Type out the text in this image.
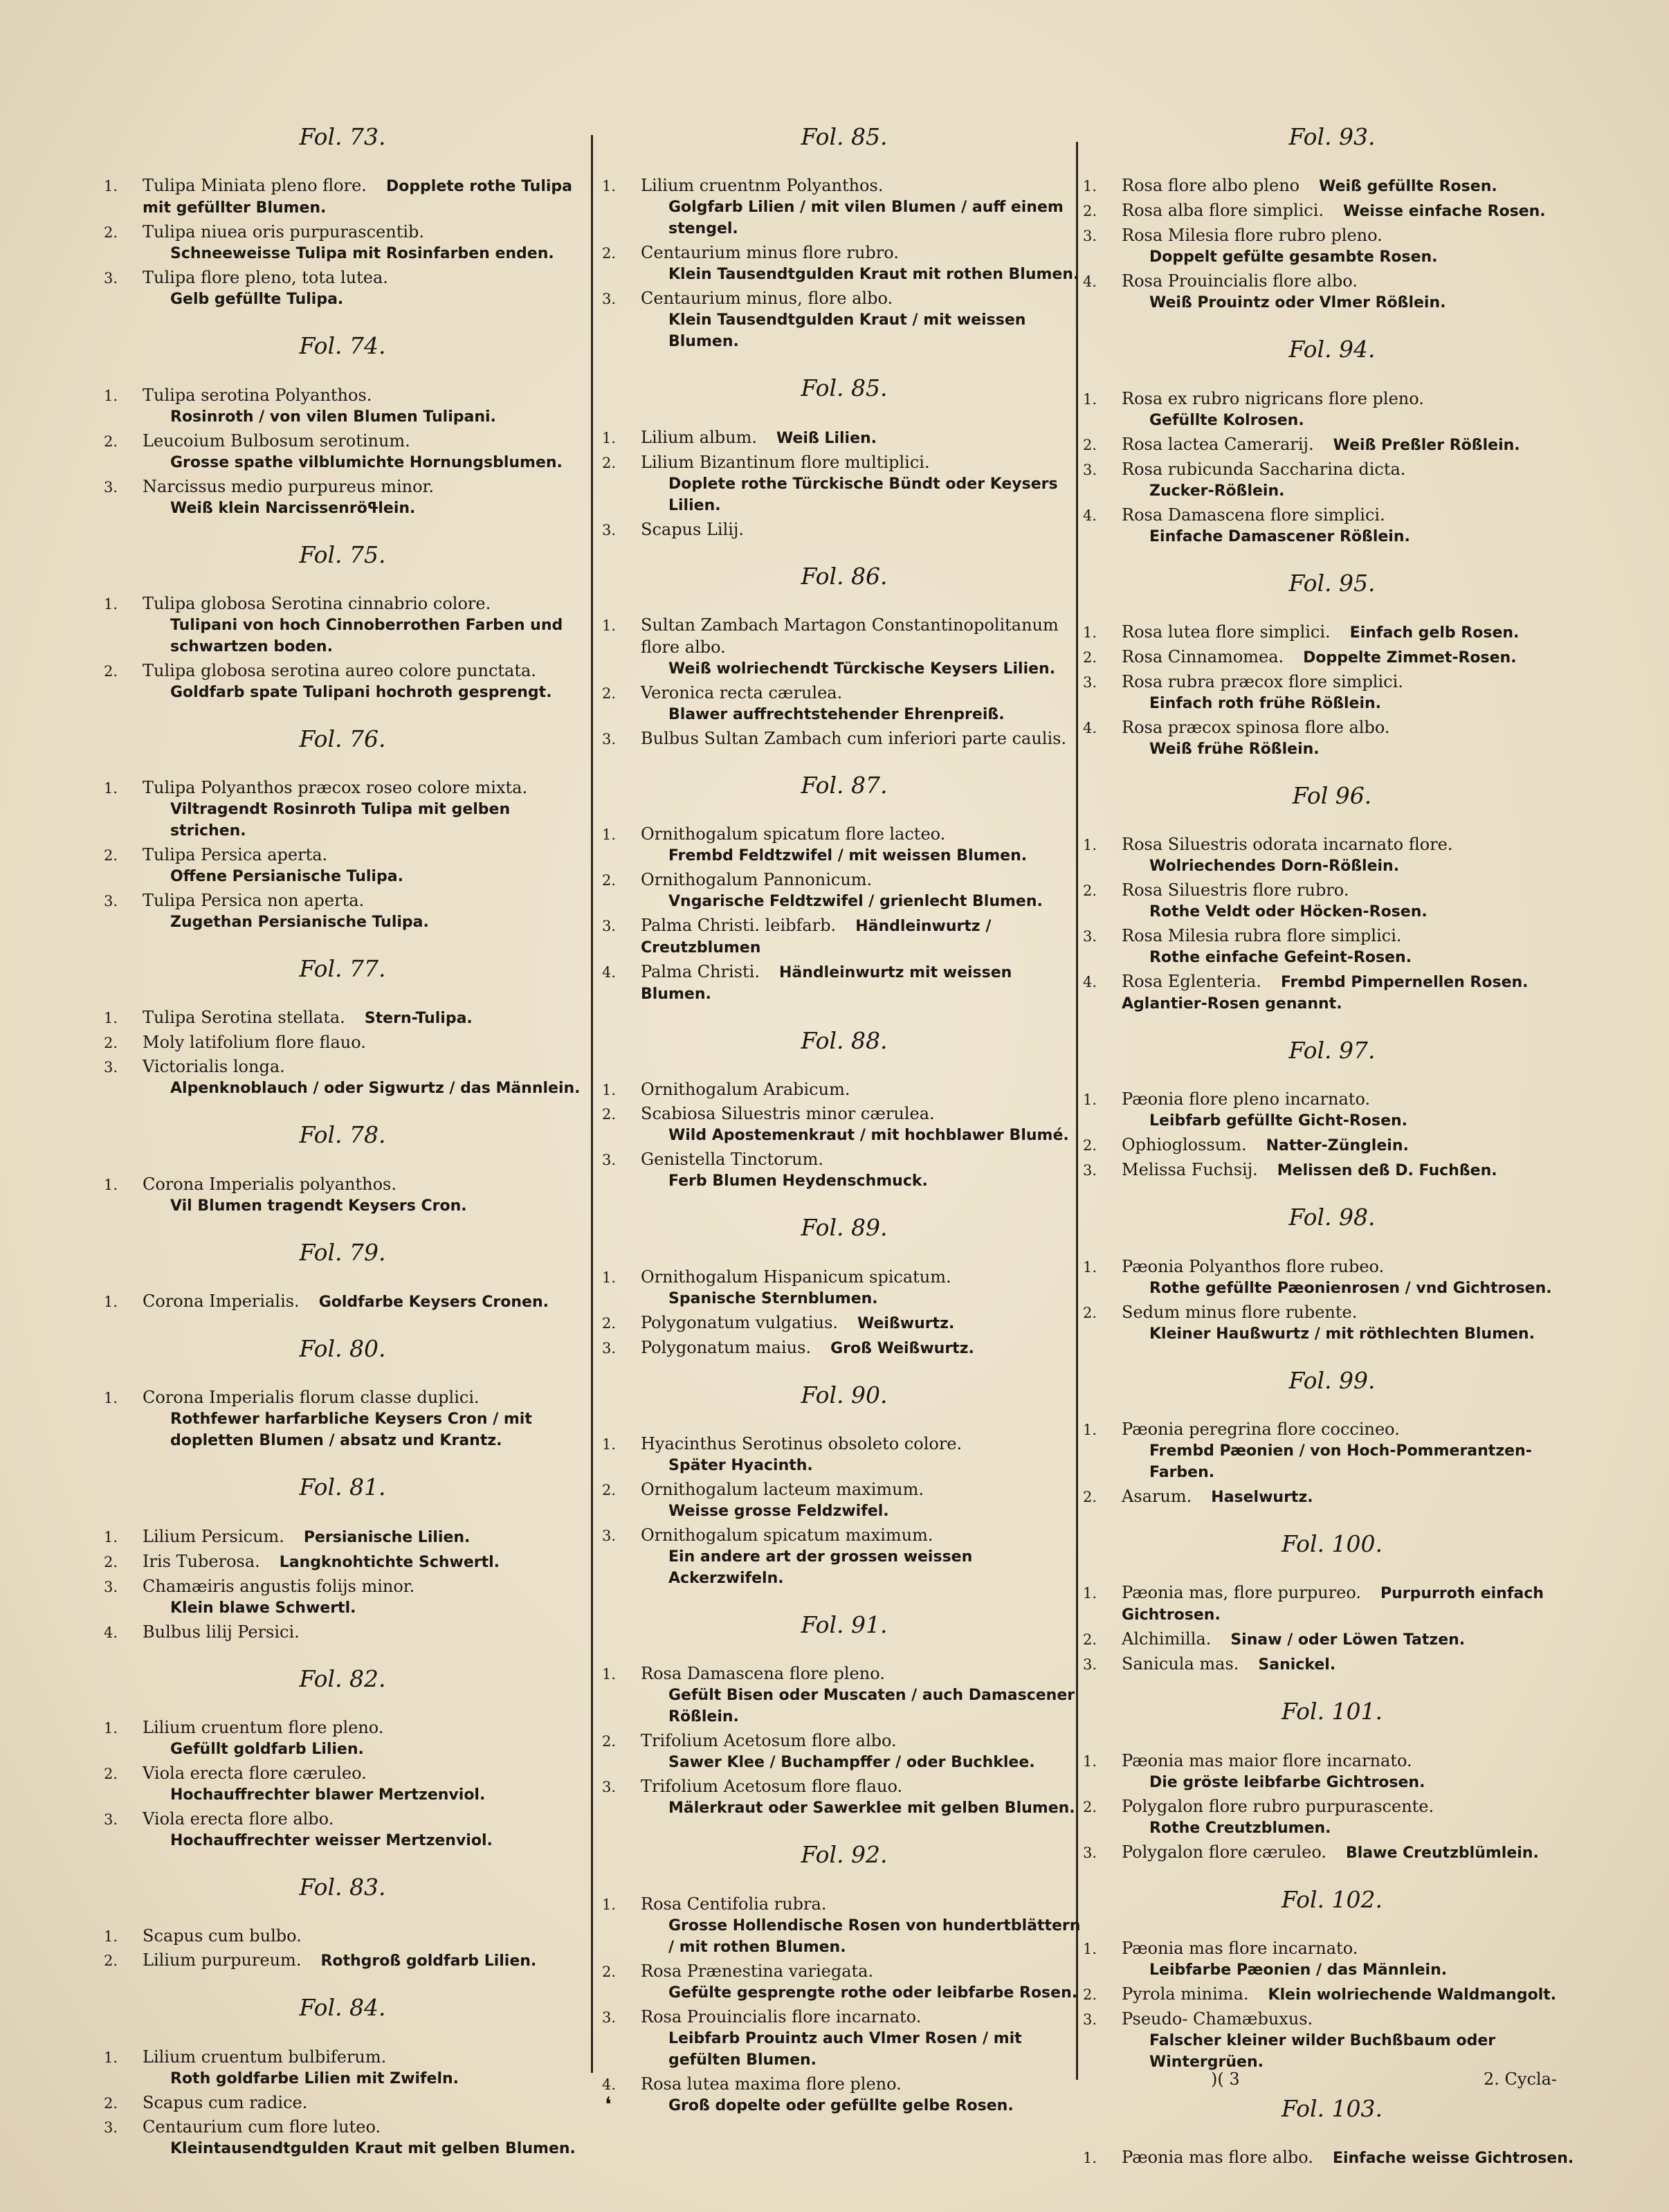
Fol. 73.
1.	Tulipa Miniata pleno flore. Dopplete rothe Tulipa mit gefüllter Blumen.
2.	Tulipa niuea oris purpurascentib.
Schneeweisse Tulipa mit Rosinfarben enden.
3.	Tulipa flore pleno, tota lutea.
Gelb gefüllte Tulipa.
Fol. 74.
1.	Tulipa serotina Polyanthos.
Rosinroth / von vilen Blumen Tulipani.
2.	Leucoium Bulbosum serotinum.
Grosse spathe vilblumichte Hornungsblumen.
3.	Narcissus medio purpureus minor.
Weiß klein Narcissenröߟlein.
Fol. 75.
1.	Tulipa globosa Serotina cinnabrio colore.
Tulipani von hoch Cinnoberrothen Farben und schwartzen boden.
2.	Tulipa globosa serotina aureo colore punctata.
Goldfarb spate Tulipani hochroth gesprengt.
Fol. 76.
1.	Tulipa Polyanthos præcox roseo colore mixta.
Viltragendt Rosinroth Tulipa mit gelben strichen.
2.	Tulipa Persica aperta.
Offene Persianische Tulipa.
3.	Tulipa Persica non aperta.
Zugethan Persianische Tulipa.
Fol. 77.
1.	Tulipa Serotina stellata. Stern-Tulipa.
2.	Moly latifolium flore flauo.
3.	Victorialis longa.
Alpenknoblauch / oder Sigwurtz / das Männlein.
Fol. 78.
1.	Corona Imperialis polyanthos.
Vil Blumen tragendt Keysers Cron.
Fol. 79.
1.	Corona Imperialis. Goldfarbe Keysers Cronen.
Fol. 80.
1.	Corona Imperialis florum classe duplici.
Rothfewer harfarbliche Keysers Cron / mit dopletten Blumen / absatz und Krantz.
Fol. 81.
1.	Lilium Persicum. Persianische Lilien.
2.	Iris Tuberosa. Langknohtichte Schwertl.
3.	Chamæiris angustis folijs minor.
Klein blawe Schwertl.
4.	Bulbus lilij Persici.
Fol. 82.
1.	Lilium cruentum flore pleno.
Gefüllt goldfarb Lilien.
2.	Viola erecta flore cæruleo.
Hochauffrechter blawer Mertzenviol.
3.	Viola erecta flore albo.
Hochauffrechter weisser Mertzenviol.
Fol. 83.
1.	Scapus cum bulbo.
2.	Lilium purpureum. Rothgroß goldfarb Lilien.
Fol. 84.
1.	Lilium cruentum bulbiferum.
Roth goldfarbe Lilien mit Zwifeln.
2.	Scapus cum radice.
3.	Centaurium cum flore luteo.
Kleintausendtgulden Kraut mit gelben Blumen.
Fol. 85.
1.	Lilium cruentnm Polyanthos.
Golgfarb Lilien / mit vilen Blumen / auff einem stengel.
2.	Centaurium minus flore rubro.
Klein Tausendtgulden Kraut mit rothen Blumen.
3.	Centaurium minus, flore albo.
Klein Tausendtgulden Kraut / mit weissen Blumen.
Fol. 85.
1.	Lilium album. Weiß Lilien.
2.	Lilium Bizantinum flore multiplici.
Doplete rothe Türckische Bündt oder Keysers Lilien.
3.	Scapus Lilij.
Fol. 86.
1.	Sultan Zambach Martagon Constantinopolitanum flore albo.
Weiß wolriechendt Türckische Keysers Lilien.
2.	Veronica recta cærulea.
Blawer auffrechtstehender Ehrenpreiß.
3.	Bulbus Sultan Zambach cum inferiori parte caulis.
Fol. 87.
1.	Ornithogalum spicatum flore lacteo.
Frembd Feldtzwifel / mit weissen Blumen.
2.	Ornithogalum Pannonicum.
Vngarische Feldtzwifel / grienlecht Blumen.
3.	Palma Christi. leibfarb. Händleinwurtz / Creutzblumen
4.	Palma Christi. Händleinwurtz mit weissen Blumen.
Fol. 88.
1.	Ornithogalum Arabicum.
2.	Scabiosa Siluestris minor cærulea.
Wild Apostemenkraut / mit hochblawer Blumé.
3.	Genistella Tinctorum.
Ferb Blumen Heydenschmuck.
Fol. 89.
1.	Ornithogalum Hispanicum spicatum.
Spanische Sternblumen.
2.	Polygonatum vulgatius. Weißwurtz.
3.	Polygonatum maius. Groß Weißwurtz.
Fol. 90.
1.	Hyacinthus Serotinus obsoleto colore.
Später Hyacinth.
2.	Ornithogalum lacteum maximum.
Weisse grosse Feldzwifel.
3.	Ornithogalum spicatum maximum.
Ein andere art der grossen weissen Ackerzwifeln.
Fol. 91.
1.	Rosa Damascena flore pleno.
Gefült Bisen oder Muscaten / auch Damascener Rößlein.
2.	Trifolium Acetosum flore albo.
Sawer Klee / Buchampffer / oder Buchklee.
3.	Trifolium Acetosum flore flauo.
Mälerkraut oder Sawerklee mit gelben Blumen.
Fol. 92.
1.	Rosa Centifolia rubra.
Grosse Hollendische Rosen von hundertblättern / mit rothen Blumen.
2.	Rosa Prænestina variegata.
Gefülte gesprengte rothe oder leibfarbe Rosen.
3.	Rosa Prouincialis flore incarnato.
Leibfarb Prouintz auch Vlmer Rosen / mit gefülten Blumen.
4.	Rosa lutea maxima flore pleno.
Groß dopelte oder gefüllte gelbe Rosen.
Fol. 93.
1.	Rosa flore albo pleno Weiß gefüllte Rosen.
2.	Rosa alba flore simplici. Weisse einfache Rosen.
3.	Rosa Milesia flore rubro pleno.
Doppelt gefülte gesambte Rosen.
4.	Rosa Prouincialis flore albo.
Weiß Prouintz oder Vlmer Rößlein.
Fol. 94.
1.	Rosa ex rubro nigricans flore pleno.
Gefüllte Kolrosen.
2.	Rosa lactea Camerarij. Weiß Preßler Rößlein.
3.	Rosa rubicunda Saccharina dicta.
Zucker-Rößlein.
4.	Rosa Damascena flore simplici.
Einfache Damascener Rößlein.
Fol. 95.
1.	Rosa lutea flore simplici. Einfach gelb Rosen.
2.	Rosa Cinnamomea. Doppelte Zimmet-Rosen.
3.	Rosa rubra præcox flore simplici.
Einfach roth frühe Rößlein.
4.	Rosa præcox spinosa flore albo.
Weiß frühe Rößlein.
Fol 96.
1.	Rosa Siluestris odorata incarnato flore.
Wolriechendes Dorn-Rößlein.
2.	Rosa Siluestris flore rubro.
Rothe Veldt oder Höcken-Rosen.
3.	Rosa Milesia rubra flore simplici.
Rothe einfache Gefeint-Rosen.
4.	Rosa Eglenteria. Frembd Pimpernellen Rosen. Aglantier-Rosen genannt.
Fol. 97.
1.	Pæonia flore pleno incarnato.
Leibfarb gefüllte Gicht-Rosen.
2.	Ophioglossum. Natter-Zünglein.
3.	Melissa Fuchsij. Melissen deß D. Fuchßen.
Fol. 98.
1.	Pæonia Polyanthos flore rubeo.
Rothe gefüllte Pæonienrosen / vnd Gichtrosen.
2.	Sedum minus flore rubente.
Kleiner Haußwurtz / mit röthlechten Blumen.
Fol. 99.
1.	Pæonia peregrina flore coccineo.
Frembd Pæonien / von Hoch-Pommerantzen-Farben.
2.	Asarum. Haselwurtz.
Fol. 100.
1.	Pæonia mas, flore purpureo. Purpurroth einfach Gichtrosen.
2.	Alchimilla. Sinaw / oder Löwen Tatzen.
3.	Sanicula mas. Sanickel.
Fol. 101.
1.	Pæonia mas maior flore incarnato.
Die gröste leibfarbe Gichtrosen.
2.	Polygalon flore rubro purpurascente.
Rothe Creutzblumen.
3.	Polygalon flore cæruleo. Blawe Creutzblümlein.
Fol. 102.
1.	Pæonia mas flore incarnato.
Leibfarbe Pæonien / das Männlein.
2.	Pyrola minima. Klein wolriechende Waldmangolt.
3.	Pseudo- Chamæbuxus.
Falscher kleiner wilder Buchßbaum oder Wintergrüen.
Fol. 103.
1.	Pæonia mas flore albo. Einfache weisse Gichtrosen.
)( 3	2. Cycla-
❛
